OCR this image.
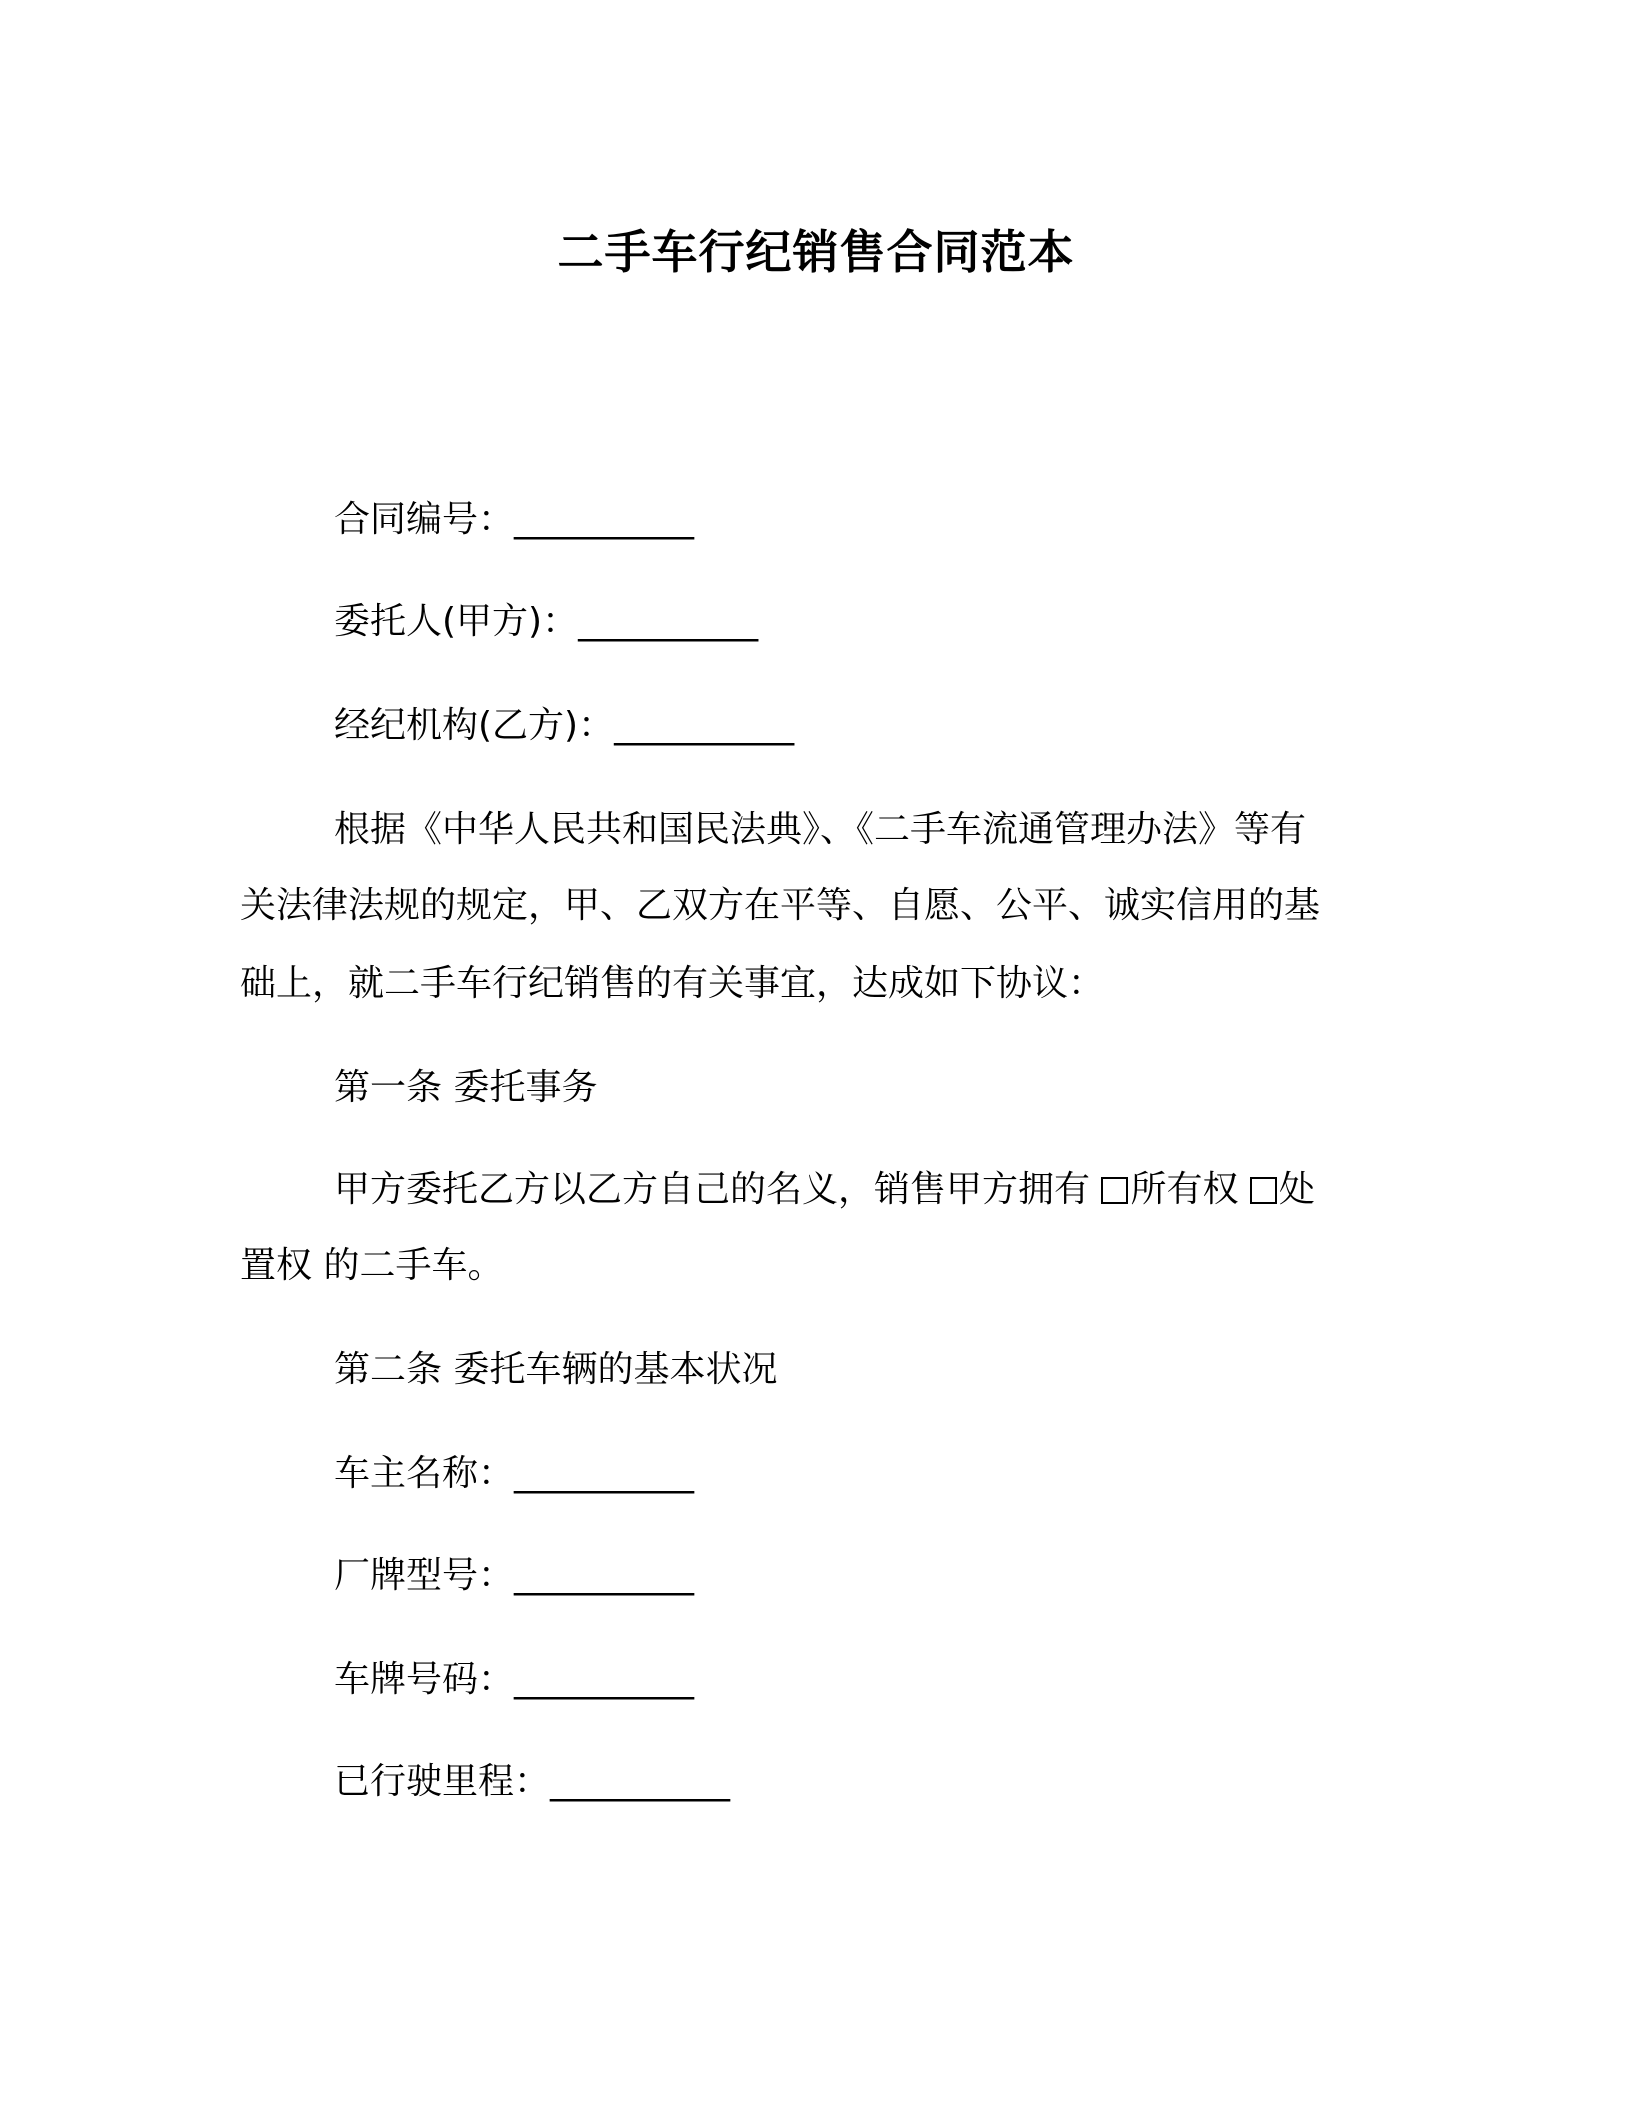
二手车行纪销售合同范本
合同编号：__________
委托人(甲方)：__________
经纪机构(乙方)：__________
根据《中华人民共和国民法典》、《二手车流通管理办法》等有
关法律法规的规定，甲、乙双方在平等、自愿、公平、诚实信用的基
础上，就二手车行纪销售的有关事宜，达成如下协议：
第一条 委托事务
甲方委托乙方以乙方自己的名义，销售甲方拥有 所有权 处
置权 的二手车。
第二条 委托车辆的基本状况
车主名称：__________
厂牌型号：__________
车牌号码：__________
已行驶里程：__________
